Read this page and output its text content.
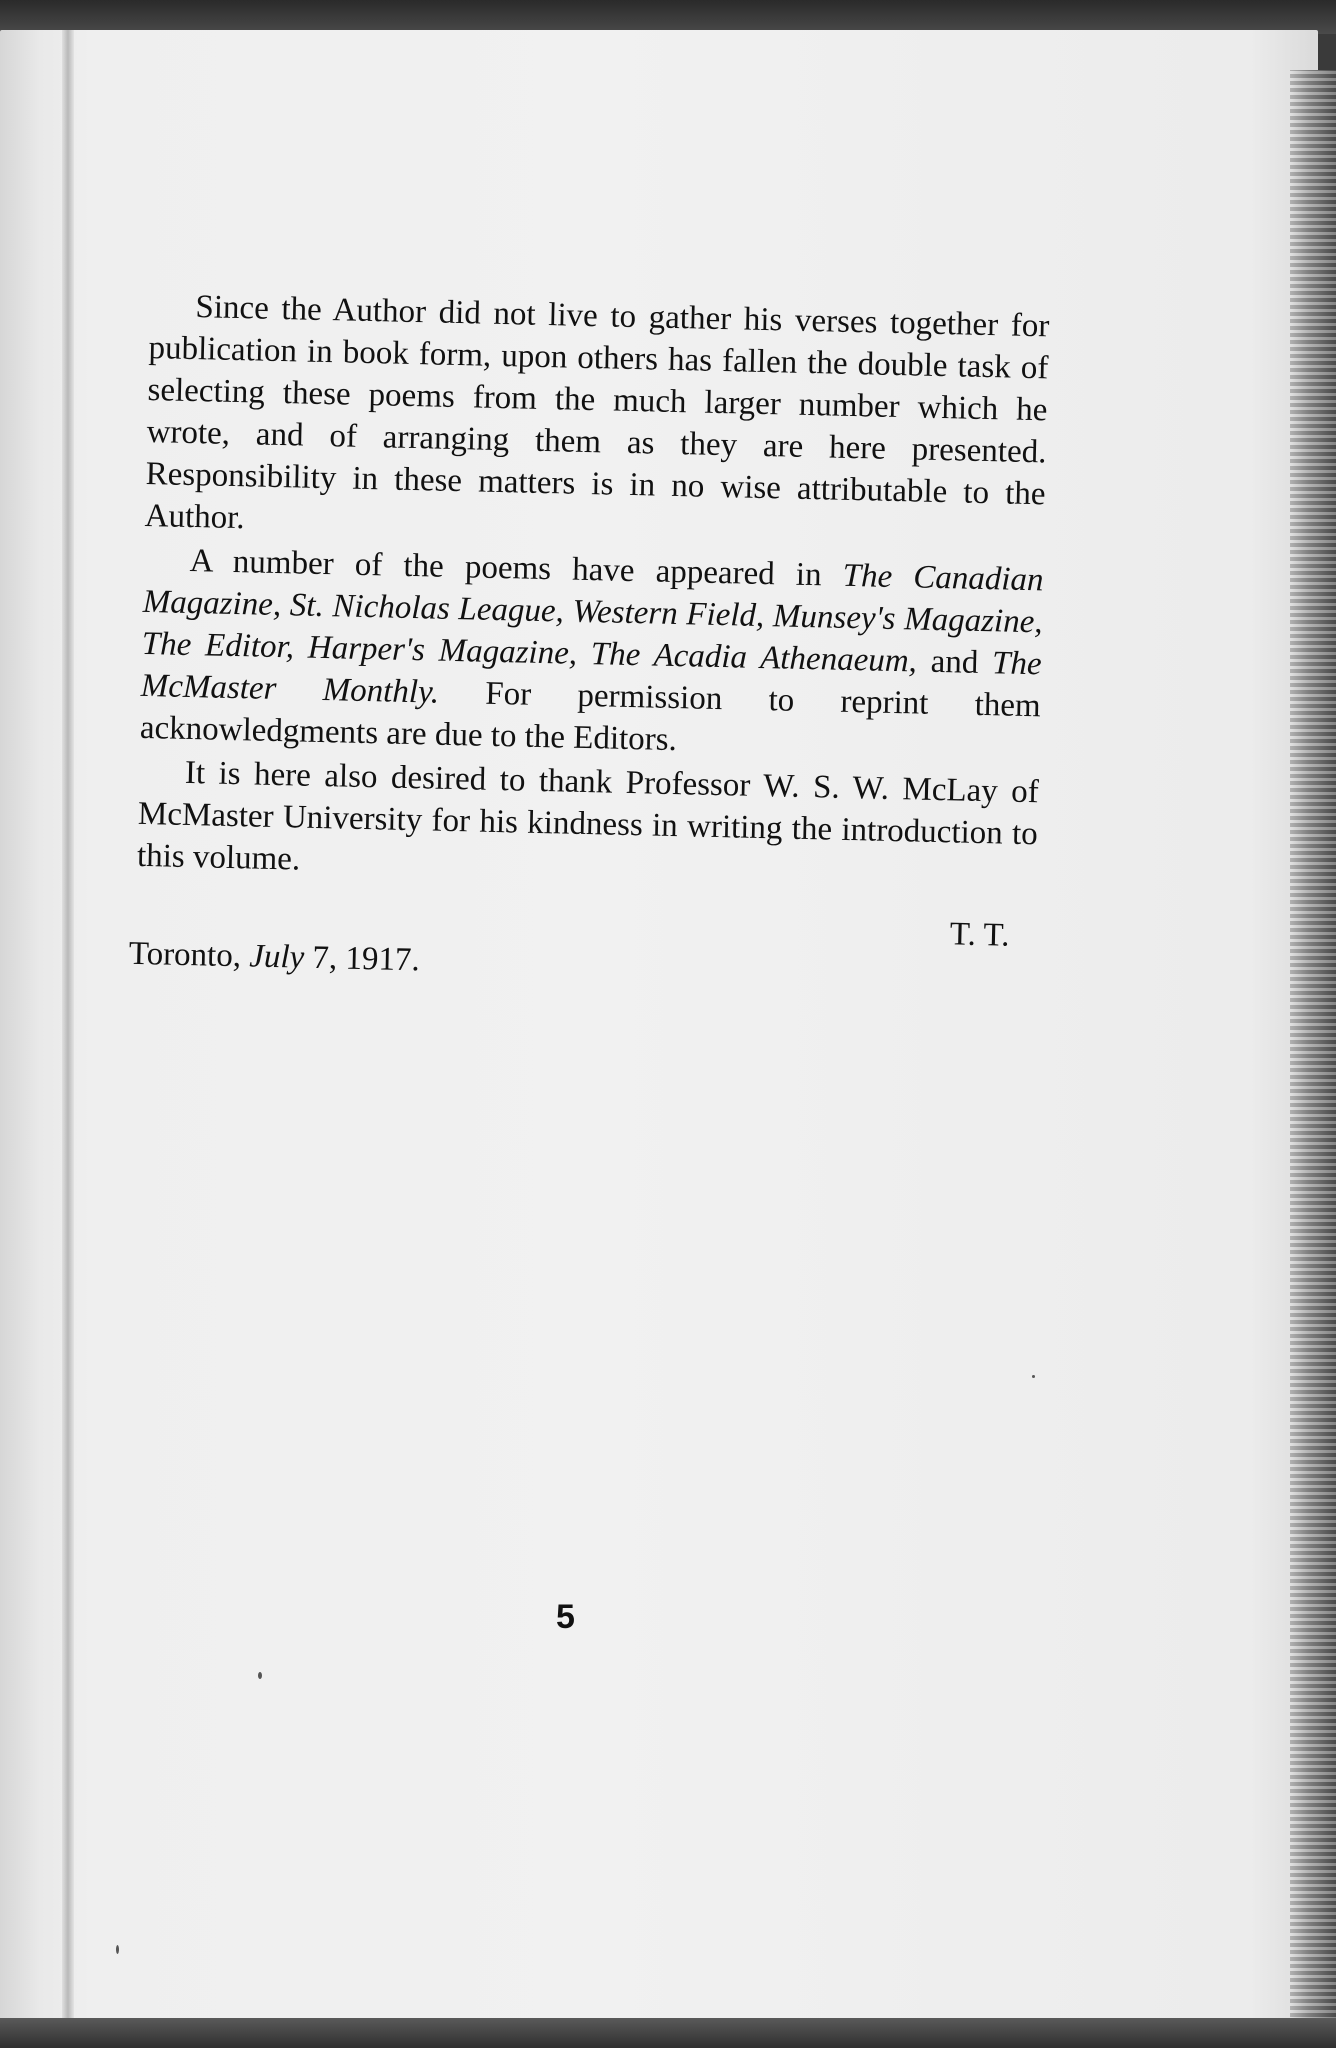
Since the Author did not live to gather his verses together for publication in book form, upon others has fallen the double task of selecting these poems from the much larger number which he wrote, and of arranging them as they are here presented. Responsibility in these matters is in no wise attributable to the Author.

A number of the poems have appeared in The Canadian Magazine, St. Nicholas League, Western Field, Munsey's Magazine, The Editor, Harper's Magazine, The Acadia Athenaeum, and The McMaster Monthly. For permission to reprint them acknowledgments are due to the Editors.

It is here also desired to thank Professor W. S. W. McLay of McMaster University for his kindness in writing the introduction to this volume.

T. T.
Toronto, July 7, 1917.
5
